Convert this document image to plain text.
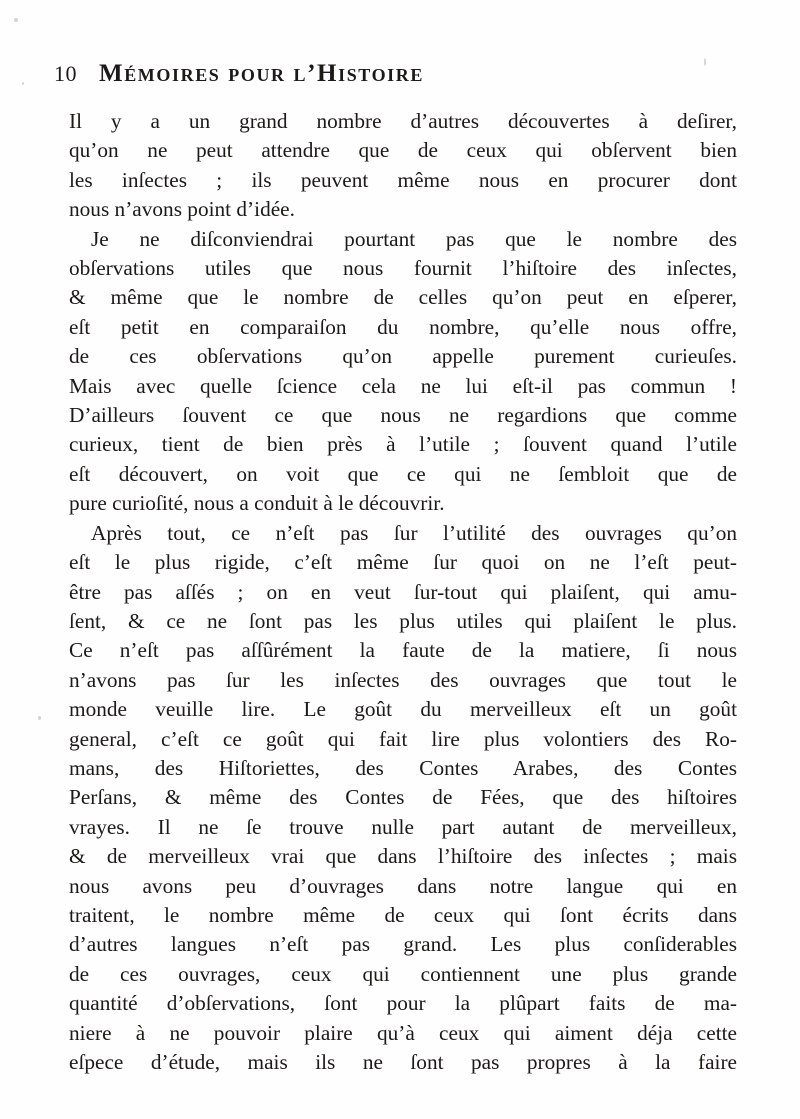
10 Mémoires pour l’Histoire
Il y a un grand nombre d’autres découvertes à deſirer,
qu’on ne peut attendre que de ceux qui obſervent bien
les inſectes ; ils peuvent même nous en procurer dont
nous n’avons point d’idée.
Je ne diſconviendrai pourtant pas que le nombre des
obſervations utiles que nous fournit l’hiſtoire des inſectes,
& même que le nombre de celles qu’on peut en eſperer,
eſt petit en comparaiſon du nombre, qu’elle nous offre,
de ces obſervations qu’on appelle purement curieuſes.
Mais avec quelle ſcience cela ne lui eſt-il pas commun !
D’ailleurs ſouvent ce que nous ne regardions que comme
curieux, tient de bien près à l’utile ; ſouvent quand l’utile
eſt découvert, on voit que ce qui ne ſembloit que de
pure curioſité, nous a conduit à le découvrir.
Après tout, ce n’eſt pas ſur l’utilité des ouvrages qu’on
eſt le plus rigide, c’eſt même ſur quoi on ne l’eſt peut-
être pas aſſés ; on en veut ſur-tout qui plaiſent, qui amu-
ſent, & ce ne ſont pas les plus utiles qui plaiſent le plus.
Ce n’eſt pas aſſûrément la faute de la matiere, ſi nous
n’avons pas ſur les inſectes des ouvrages que tout le
monde veuille lire. Le goût du merveilleux eſt un goût
general, c’eſt ce goût qui fait lire plus volontiers des Ro-
mans, des Hiſtoriettes, des Contes Arabes, des Contes
Perſans, & même des Contes de Fées, que des hiſtoires
vrayes. Il ne ſe trouve nulle part autant de merveilleux,
& de merveilleux vrai que dans l’hiſtoire des inſectes ; mais
nous avons peu d’ouvrages dans notre langue qui en
traitent, le nombre même de ceux qui ſont écrits dans
d’autres langues n’eſt pas grand. Les plus conſiderables
de ces ouvrages, ceux qui contiennent une plus grande
quantité d’obſervations, ſont pour la plûpart faits de ma-
niere à ne pouvoir plaire qu’à ceux qui aiment déja cette
eſpece d’étude, mais ils ne ſont pas propres à la faire
